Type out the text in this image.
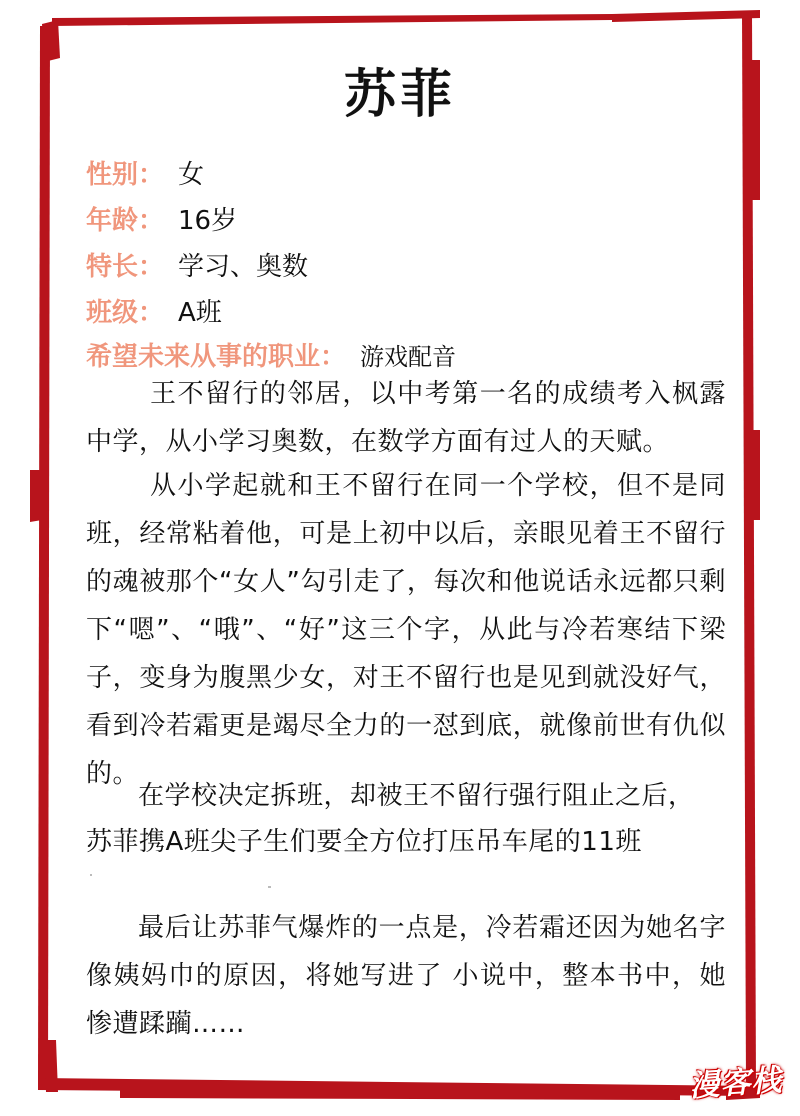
苏菲
性别： 女
年龄： 16岁
特长： 学习、奥数
班级： A班
希望未来从事的职业： 游戏配音
王不留行的邻居，以中考第一名的成绩考入枫露中学，从小学习奥数，在数学方面有过人的天赋。
从小学起就和王不留行在同一个学校，但不是同班，经常粘着他，可是上初中以后，亲眼见着王不留行的魂被那个“女人”勾引走了，每次和他说话永远都只剩下“嗯”、“哦”、“好”这三个字，从此与冷若寒结下梁子，变身为腹黑少女，对王不留行也是见到就没好气，看到冷若霜更是竭尽全力的一怼到底，就像前世有仇似的。
在学校决定拆班，却被王不留行强行阻止之后，
苏菲携A班尖子生们要全方位打压吊车尾的11班
最后让苏菲气爆炸的一点是，冷若霜还因为她名字像姨妈巾的原因，将她写进了 小说中，整本书中，她惨遭蹂躏……
漫客栈
